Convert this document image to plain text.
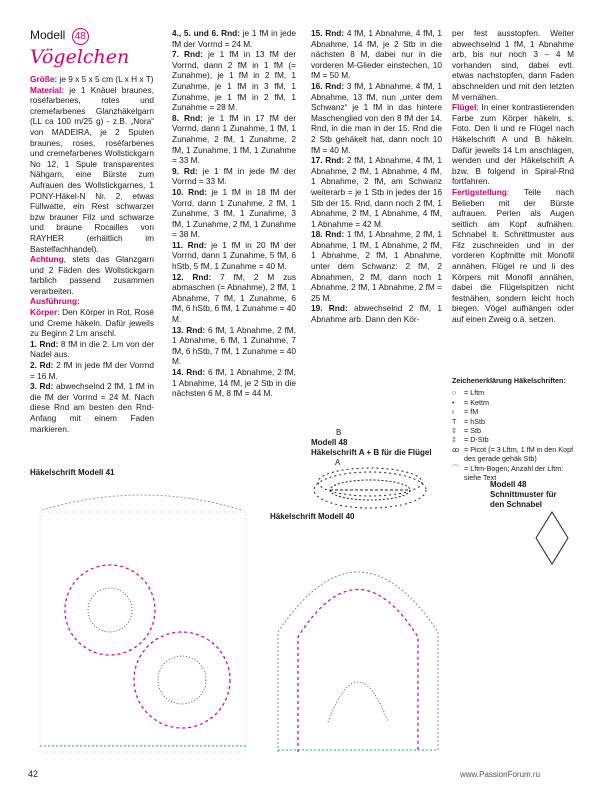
Modell 48
Vögelchen

Größe: je 9 x 5 x 5 cm (L x H x T)

Material: je 1 Knäuel braunes, roséfarbenes, rotes und cremefarbenes Glanzhäkelgarn (LL ca 100 m/25 g) - z.B. „Nora“ von MADEIRA, je 2 Spulen braunes, roses, roséfarbenes und cremefarbenes Wollstickgarn No 12, 1 Spule transparentes Nähgarn, eine Bürste zum Aufrauen des Wollstickgarnes, 1 PONY-Häkel-N Nr. 2, etwas Füllwatte, ein Rest schwarzer bzw brauner Filz und schwarze und braune Rocailles von RAYHER (erhältlich im Bastelfachhandel).

Achtung, stets das Glanzgarn und 2 Fäden des Wollstickgarn farblich passend zusammen verarbeiten.

Ausführung:

Körper: Den Körper in Rot, Rosé und Creme häkeln. Dafür jeweils zu Beginn 2 Lm anschl.

1. Rnd: 8 fM in die 2. Lm von der Nadel aus.

2. Rd: 2 fM in jede fM der Vorrnd = 16 M.

3. Rd: abwechselnd 2 fM, 1 fM in die fM der Vorrnd = 24 M. Nach diese Rnd am besten den Rnd-Anfang mit einem Faden markieren.

4., 5. und 6. Rnd: je 1 fM in jede fM der Vorrnd = 24 M.

7. Rnd: je 1 fM in 13 fM der Vorrnd, dann 2 fM in 1 fM (= Zunahme), je 1 fM in 2 fM, 1 Zunahme, je 1 fM in 3 fM, 1 Zunahme, je 1 fM in 2 fM, 1 Zunahme = 28 M.

8. Rnd: je 1 fM in 17 fM der Vorrnd, dann 1 Zunahme, 1 fM, 1 Zunahme, 2 fM, 1 Zunahme, 2 fM, 1 Zunahme, 1 fM, 1 Zunahme = 33 M.

9. Rd: je 1 fM in jede fM der Vorrnd = 33 M.

10. Rnd: je 1 fM in 18 fM der Vorrd, dann 1 Zunahme, 2 fM, 1 Zunahme, 3 fM, 1 Zunahme, 3 fM, 1 Zunahme, 2 fM, 1 Zunahme = 38 M.

11. Rnd: je 1 fM in 20 fM der Vorrnd, dann 1 Zunahme, 5 fM, 6 hStb, 5 fM, 1 Zunahme = 40 M.

12. Rnd: 7 fM, 2 M zus abmaschen (= Abnahme), 2 fM, 1 Abnahme, 7 fM, 1 Zunahme, 6 fM, 6 hStb, 6 fM, 1 Zunahme = 40 M.

13. Rnd: 6 fM, 1 Abnahme, 2 fM, 1 Abnahme, 6 fM, 1 Zunahme, 7 fM, 6 hStb, 7 fM, 1 Zunahme = 40 M.

14. Rnd: 6 fM, 1 Abnahme, 2 fM, 1 Abnahme, 14 fM, je 2 Stb in die nächsten 6 M, 8 fM = 44 M.

15. Rnd: 4 fM, 1 Abnahme, 4 fM, 1 Abnahme, 14 fM, je 2 Stb in die nächsten 8 M, dabei nur in die vorderen M-Glieder einstechen, 10 fM = 50 M.

16. Rnd: 3 fM, 1 Abnahme, 4 fM, 1 Abnahme, 13 fM, nun „unter dem Schwanz“ je 1 fM in das hintere Maschenglied von den 8 fM der 14. Rnd, in die man in der 15. Rnd die 2 Stb gehäkelt hat, dann noch 10 fM = 40 M.

17. Rnd: 2 fM, 1 Abnahme, 4 fM, 1 Abnahme, 2 fM, 1 Abnahme, 4 fM, 1 Abnahme, 2 fM, am Schwanz weiterarb = je 1 Stb in jedes der 16 Stb der 15. Rnd, dann noch 2 fM, 1 Abnahme, 2 fM, 1 Abnahme, 4 fM, 1 Abnahme = 42 M.

18. Rnd: 1 fM, 1 Abnahme, 2 fM, 1 Abnahme, 1 fM, 1 Abnahme, 2 fM, 1 Abnahme, 2 fM, 1 Abnahme, unter dem Schwanz: 2 fM, 2 Abnahmen, 2 fM, dann noch 1 Abnahme, 2 fM, 1 Abnahme, 2 fM = 25 M.

19. Rnd: abwechselnd 2 fM, 1 Abnahme arb. Dann den Kör-

per fest ausstopfen. Weiter abwechselnd 1 fM, 1 Abnahme arb, bis nur noch 3 – 4 M vorhanden sind, dabei evtl. etwas nachstopfen, dann Faden abschneiden und mit den letzten M vernähen.

Flügel: In einer kontrastierenden Farbe zum Körper häkeln, s. Foto. Den li und re Flügel nach Häkelschrift A und B häkeln. Dafür jewells 14 Lm anschlagen, wenden und der Häkelschrift A bzw. B folgend in Spiral-Rnd fortfahren.

Fertigstellung: Teile nach Belieben mit der Bürste aufrauen. Perlen als Augen seitlich am Kopf aufnähen. Schnabel lt. Schnittmuster aus Filz zuschneiden und in der vorderen Kopfmitte mit Monofil annähen. Flügel re und li des Körpers mit Monofil annähen, dabei die Flügelspitzen nicht festnähen, sondern leicht hoch biegen. Vögel aufhängen oder auf einen Zweig o.ä. setzen.

Modell 48
Häkelschrift A + B für die Flügel
A
B
Zeichenerklärung Häkelschriften:
○	= Lftm
•	= Kettm
ı	= fM
T	= hStb
‡	= Stb
‡	= D-Stb
ꝏ = Picot (= 3 Lftm, 1 fM in den Kopf des gerade gehäk Stb)
⌒ = Lftm-Bogen; Anzahl der Lftm: siehe Text
Häkelschrift Modell 41
Häkelschrift Modell 40
Modell 48
Schnittmuster für
den Schnabel
42	www.PassionForum.ru
